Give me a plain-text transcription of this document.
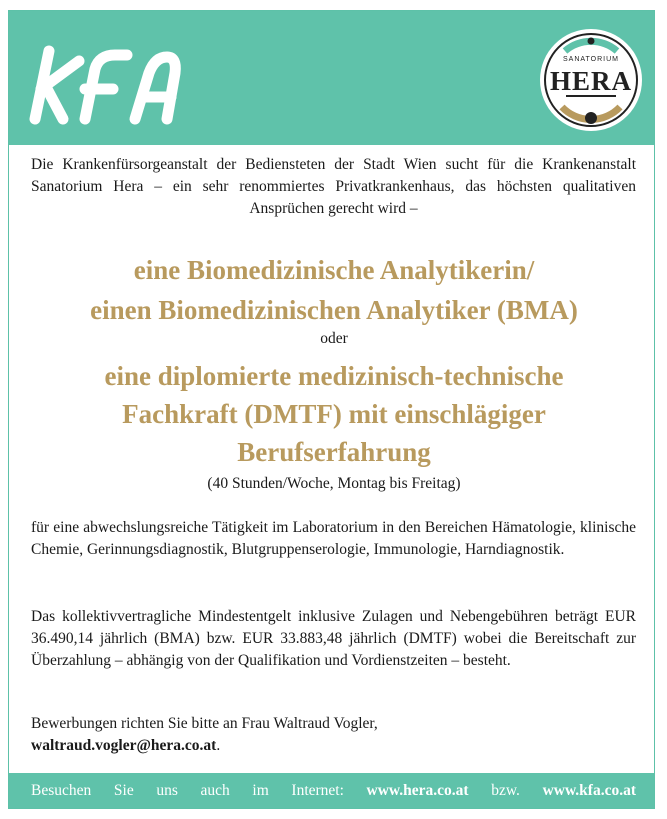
kfa
SANATORIUM
HERA
Die Krankenfürsorgeanstalt der Bediensteten der Stadt Wien sucht für die Krankenanstalt Sanatorium Hera – ein sehr renommiertes Privatkrankenhaus, das höchsten qualitativen Ansprüchen gerecht wird –
eine Biomedizinische Analytikerin/
einen Biomedizinischen Analytiker (BMA)
oder
eine diplomierte medizinisch-technische
Fachkraft (DMTF) mit einschlägiger
Berufserfahrung
(40 Stunden/Woche, Montag bis Freitag)
für eine abwechslungsreiche Tätigkeit im Laboratorium in den Bereichen Hämatologie, klinische Chemie, Gerinnungsdiagnostik, Blutgruppenserologie, Immunologie, Harndiagnostik.
Das kollektivvertragliche Mindestentgelt inklusive Zulagen und Nebengebühren beträgt EUR 36.490,14 jährlich (BMA) bzw. EUR 33.883,48 jährlich (DMTF) wobei die Bereitschaft zur Überzahlung – abhängig von der Qualifikation und Vordienstzeiten – besteht.
Bewerbungen richten Sie bitte an Frau Waltraud Vogler,
waltraud.vogler@hera.co.at.
Besuchen Sie uns auch im Internet: www.hera.co.at bzw. www.kfa.co.at
